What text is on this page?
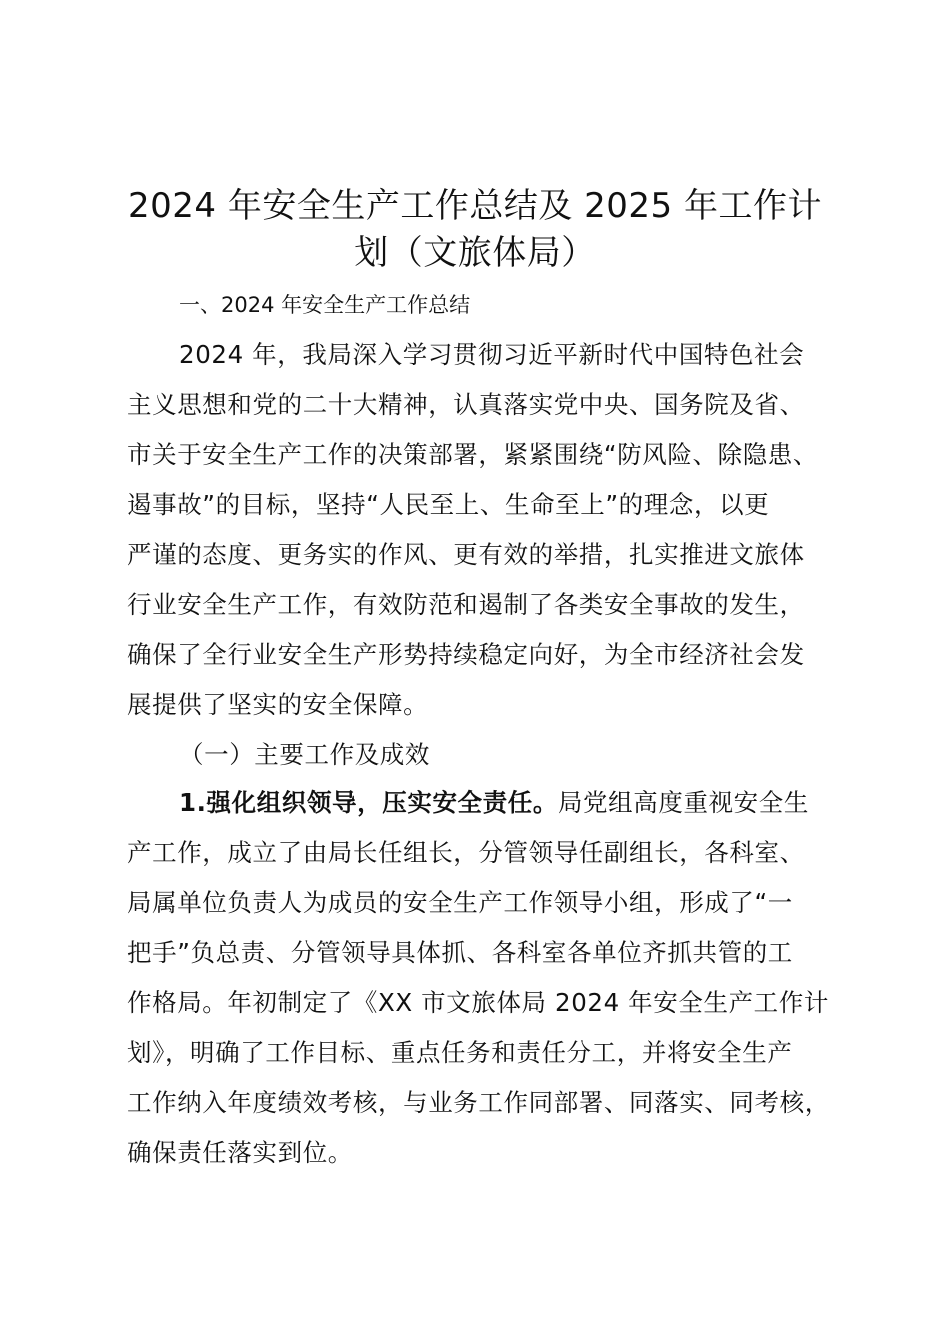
2024 年安全生产工作总结及 2025 年工作计
划（文旅体局）
一、2024 年安全生产工作总结

2024 年，我局深入学习贯彻习近平新时代中国特色社会
主义思想和党的二十大精神，认真落实党中央、国务院及省、
市关于安全生产工作的决策部署，紧紧围绕“防风险、除隐患、
遏事故”的目标，坚持“人民至上、生命至上”的理念，以更
严谨的态度、更务实的作风、更有效的举措，扎实推进文旅体
行业安全生产工作，有效防范和遏制了各类安全事故的发生，
确保了全行业安全生产形势持续稳定向好，为全市经济社会发
展提供了坚实的安全保障。

（一）主要工作及成效

1.强化组织领导，压实安全责任。局党组高度重视安全生
产工作，成立了由局长任组长，分管领导任副组长，各科室、
局属单位负责人为成员的安全生产工作领导小组，形成了“一
把手”负总责、分管领导具体抓、各科室各单位齐抓共管的工
作格局。年初制定了《XX 市文旅体局 2024 年安全生产工作计
划》，明确了工作目标、重点任务和责任分工，并将安全生产
工作纳入年度绩效考核，与业务工作同部署、同落实、同考核，
确保责任落实到位。
